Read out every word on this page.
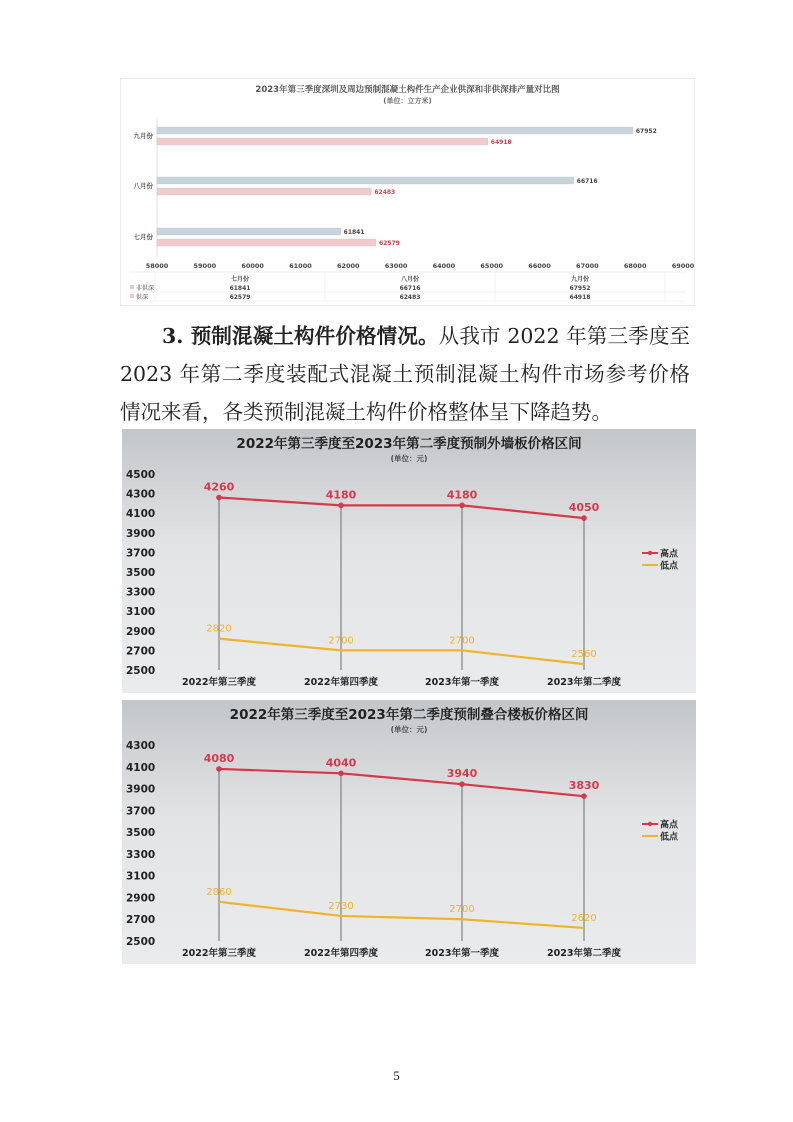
2023年第三季度深圳及周边预制混凝土构件生产企业供深和非供深排产量对比图
(单位：立方米)
九月份
67952
64918
八月份
66716
62483
七月份
61841
62579
58000	59000	60000	61000	62000	63000	64000	65000	66000	67000	68000	69000
七月份	八月份	九月份
非供深	61841	66716	67952
供深	62579	62483	64918
3. 预制混凝土构件价格情况。从我市 2022 年第三季度至
2023 年第二季度装配式混凝土预制混凝土构件市场参考价格
情况来看，各类预制混凝土构件价格整体呈下降趋势。
2022年第三季度至2023年第二季度预制外墙板价格区间
(单位：元)
4500
4300
4100
3900
3700
3500
3300
3100
2900
2700
2500
4260
4180	4180
4050
2820
2700	2700
2560
2022年第三季度	2022年第四季度	2023年第一季度	2023年第二季度
高点
低点
2022年第三季度至2023年第二季度预制叠合楼板价格区间
(单位：元)
4300
4100
3900
3700
3500
3300
3100
2900
2700
2500
4080	4040
3940
3830
2860
2730	2700
2620
2022年第三季度	2022年第四季度	2023年第一季度	2023年第二季度
高点
低点
5
